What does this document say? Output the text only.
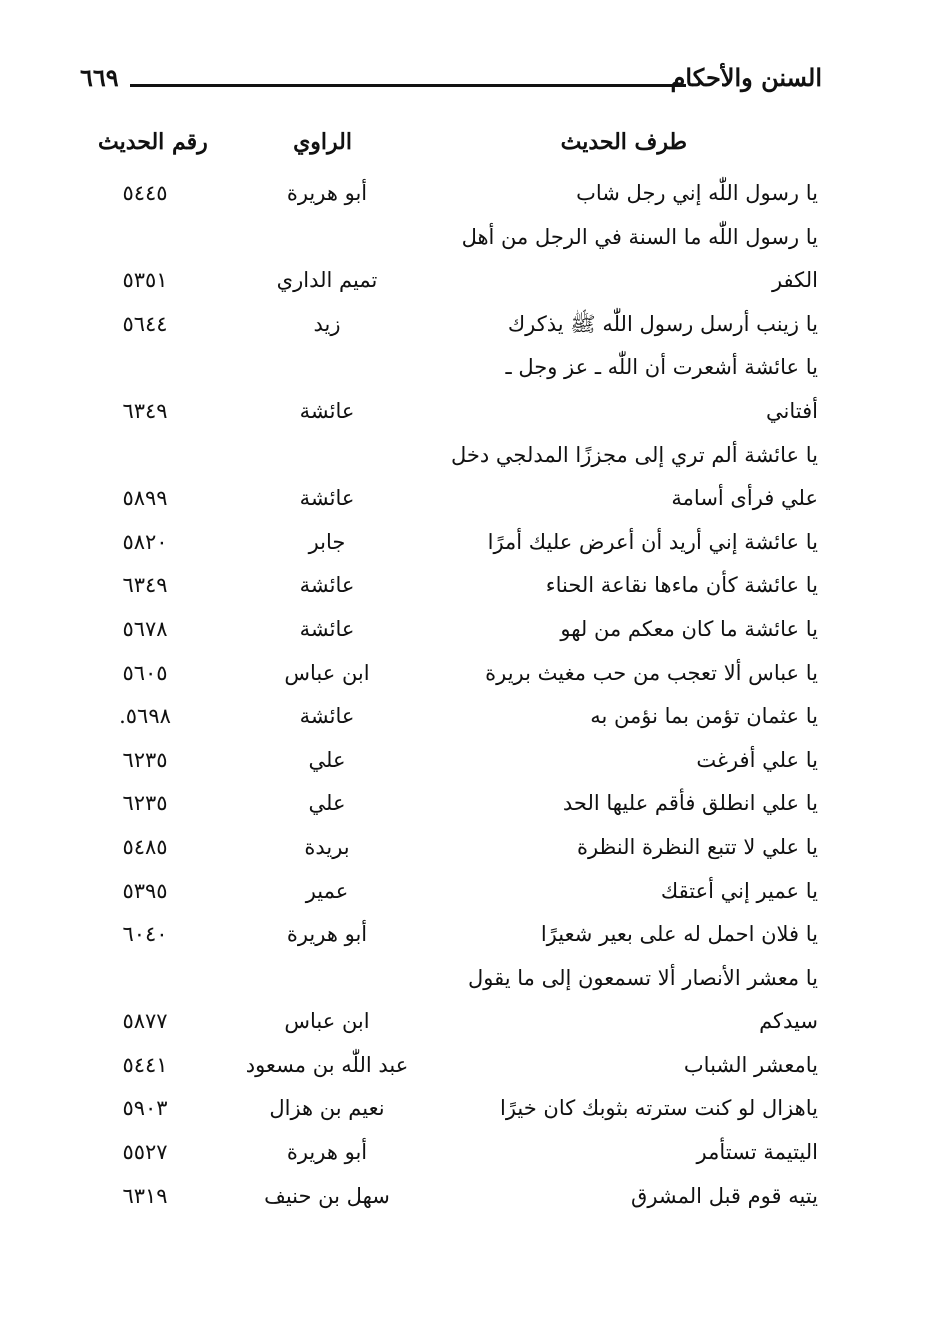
السنن والأحكام
٦٦٩
طرف الحديث
الراوي
رقم الحديث
يا رسول اللّٰه إني رجل شاب
أبو هريرة
٥٤٤٥
يا رسول اللّٰه ما السنة في الرجل من أهل
الكفر
تميم الداري
٥٣٥١
يا زينب أرسل رسول اللّٰه ﷺ يذكرك
زيد
٥٦٤٤
يا عائشة أشعرت أن اللّٰه ـ عز وجل ـ
أفتاني
عائشة
٦٣٤٩
يا عائشة ألم تري إلى مجززًا المدلجي دخل
علي فرأى أسامة
عائشة
٥٨٩٩
يا عائشة إني أريد أن أعرض عليك أمرًا
جابر
٥٨٢٠
يا عائشة كأن ماءها نقاعة الحناء
عائشة
٦٣٤٩
يا عائشة ما كان معكم من لهو
عائشة
٥٦٧٨
يا عباس ألا تعجب من حب مغيث بريرة
ابن عباس
٥٦٠٥
يا عثمان تؤمن بما نؤمن به
عائشة
٥٦٩٨.
يا علي أفرغت
علي
٦٢٣٥
يا علي انطلق فأقم عليها الحد
علي
٦٢٣٥
يا علي لا تتبع النظرة النظرة
بريدة
٥٤٨٥
يا عمير إني أعتقك
عمير
٥٣٩٥
يا فلان احمل له على بعير شعيرًا
أبو هريرة
٦٠٤٠
يا معشر الأنصار ألا تسمعون إلى ما يقول
سيدكم
ابن عباس
٥٨٧٧
يامعشر الشباب
عبد اللّٰه بن مسعود
٥٤٤١
ياهزال لو كنت سترته بثوبك كان خيرًا
نعيم بن هزال
٥٩٠٣
اليتيمة تستأمر
أبو هريرة
٥٥٢٧
يتيه قوم قبل المشرق
سهل بن حنيف
٦٣١٩
